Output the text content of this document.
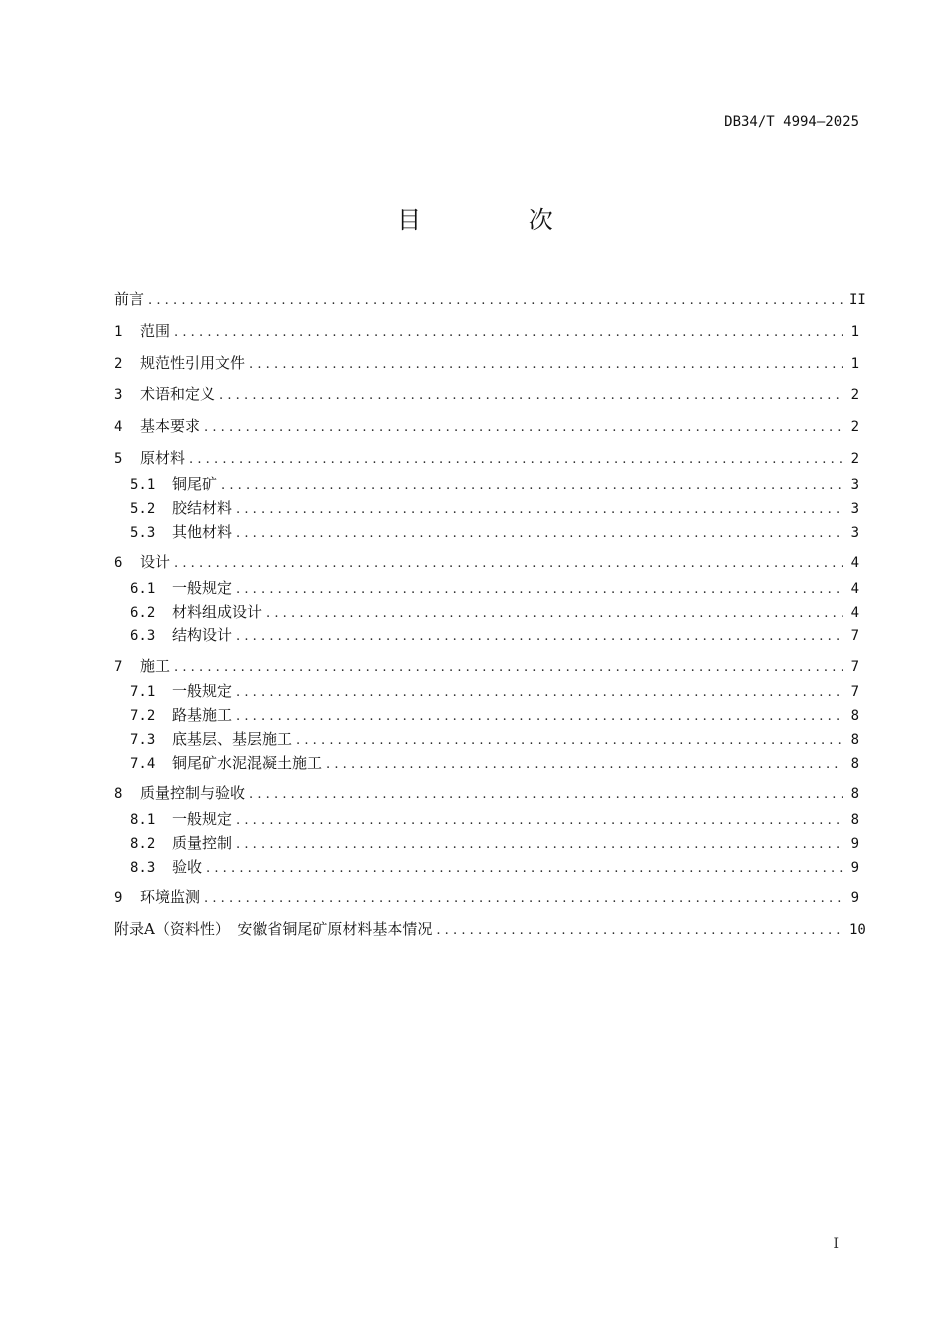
DB34/T 4994—2025
目 次
前言 .....	II
1	范围 .....	1
2	规范性引用文件 .....	1
3	术语和定义 .....	2
4	基本要求 .....	2
5	原材料 .....	2
5.1	铜尾矿 .....	3
5.2	胶结材料 .....	3
5.3	其他材料 .....	3
6	设计 .....	4
6.1	一般规定 .....	4
6.2	材料组成设计 .....	4
6.3	结构设计 .....	7
7	施工 .....	7
7.1	一般规定 .....	7
7.2	路基施工 .....	8
7.3	底基层、基层施工 .....	8
7.4	铜尾矿水泥混凝土施工 .....	8
8	质量控制与验收 .....	8
8.1	一般规定 .....	8
8.2	质量控制 .....	9
8.3	验收 .....	9
9	环境监测 .....	9
附录A（资料性）　安徽省铜尾矿原材料基本情况 .....	10
I
